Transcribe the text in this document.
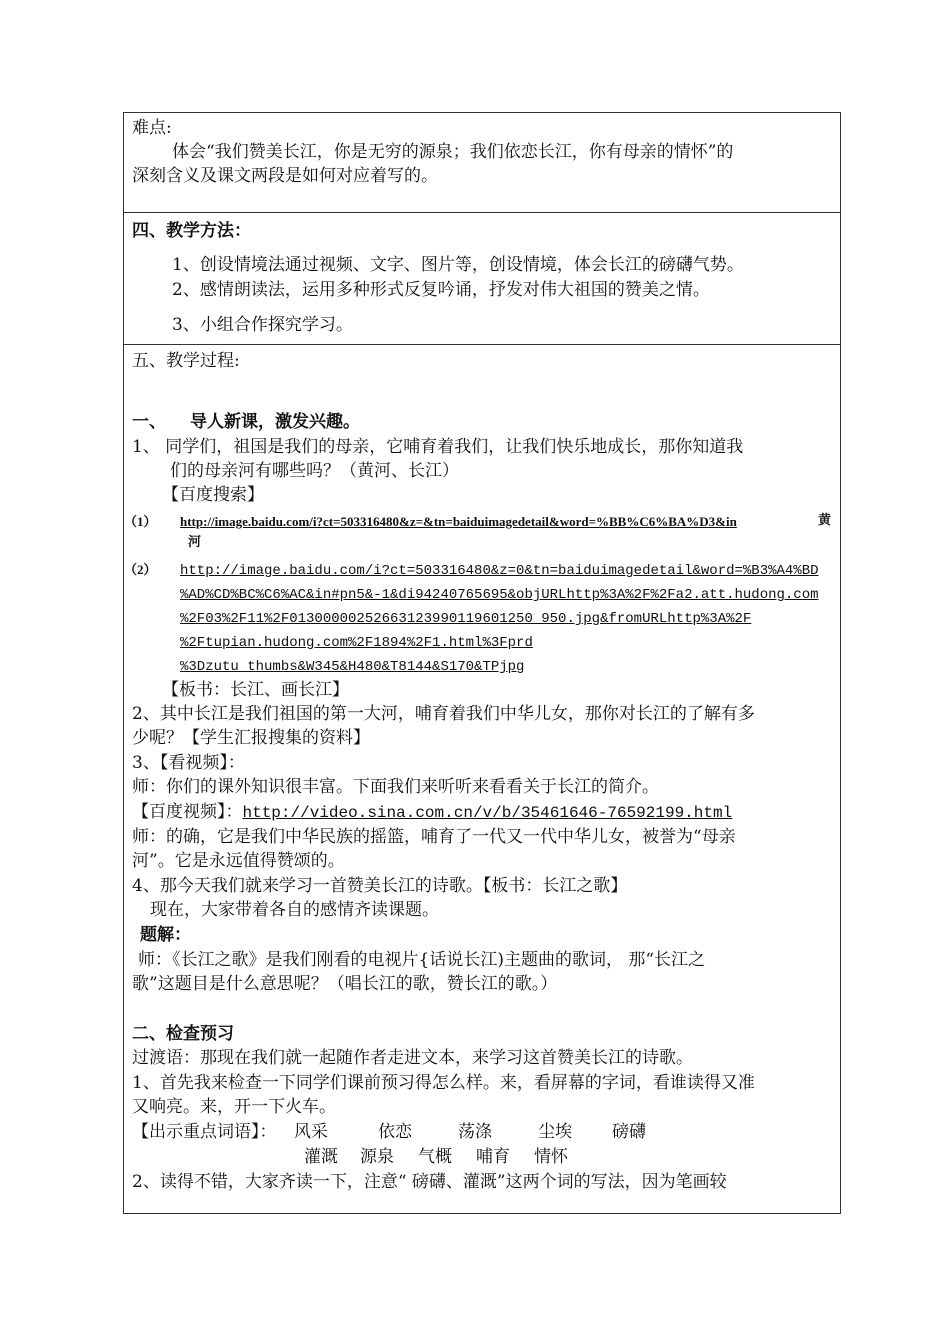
难点:
体会“我们赞美长江，你是无穷的源泉；我们依恋长江，你有母亲的情怀”的
深刻含义及课文两段是如何对应着写的。
四、教学方法：
1、创设情境法通过视频、文字、图片等，创设情境，体会长江的磅礴气势。
2、感情朗读法，运用多种形式反复吟诵，抒发对伟大祖国的赞美之情。
3、小组合作探究学习。
五、教学过程:
一、 导人新课，激发兴趣。
1、 同学们，祖国是我们的母亲，它哺育着我们，让我们快乐地成长，那你知道我
们的母亲河有哪些吗？（黄河、长江）
【百度搜索】
（1） http://image.baidu.com/i?ct=503316480&z=&tn=baiduimagedetail&word=%BB%C6%BA%D3&in	黄
河
（2） http://image.baidu.com/i?ct=503316480&z=0&tn=baiduimagedetail&word=%B3%A4%BD
%AD%CD%BC%C6%AC&in#pn5&-1&di94240765695&objURLhttp%3A%2F%2Fa2.att.hudong.com
%2F03%2F11%2F01300000252663123990119601250_950.jpg&fromURLhttp%3A%2F
%2Ftupian.hudong.com%2F1894%2F1.html%3Fprd
%3Dzutu_thumbs&W345&H480&T8144&S170&TPjpg
【板书：长江、画长江】
2、其中长江是我们祖国的第一大河，哺育着我们中华儿女，那你对长江的了解有多
少呢？【学生汇报搜集的资料】
3、【看视频】：
师：你们的课外知识很丰富。下面我们来听听来看看关于长江的简介。
【百度视频】：http://video.sina.com.cn/v/b/35461646-76592199.html
师：的确，它是我们中华民族的摇篮，哺育了一代又一代中华儿女，被誉为“母亲
河”。它是永远值得赞颂的。
4、那今天我们就来学习一首赞美长江的诗歌。【板书：长江之歌】
现在，大家带着各自的感情齐读课题。
题解：
师：《长江之歌》是我们刚看的电视片{话说长江)主题曲的歌词， 那“长江之
歌”这题目是什么意思呢？（唱长江的歌，赞长江的歌。）
二、检查预习
过渡语：那现在我们就一起随作者走进文本，来学习这首赞美长江的诗歌。
1、首先我来检查一下同学们课前预习得怎么样。来，看屏幕的字词，看谁读得又准
又响亮。来，开一下火车。
【出示重点词语】： 风采	依恋	荡涤	尘埃 磅礴
灌溉 源泉 气概 哺育 情怀
2、读得不错，大家齐读一下，注意“ 磅礴、灌溉”这两个词的写法，因为笔画较
